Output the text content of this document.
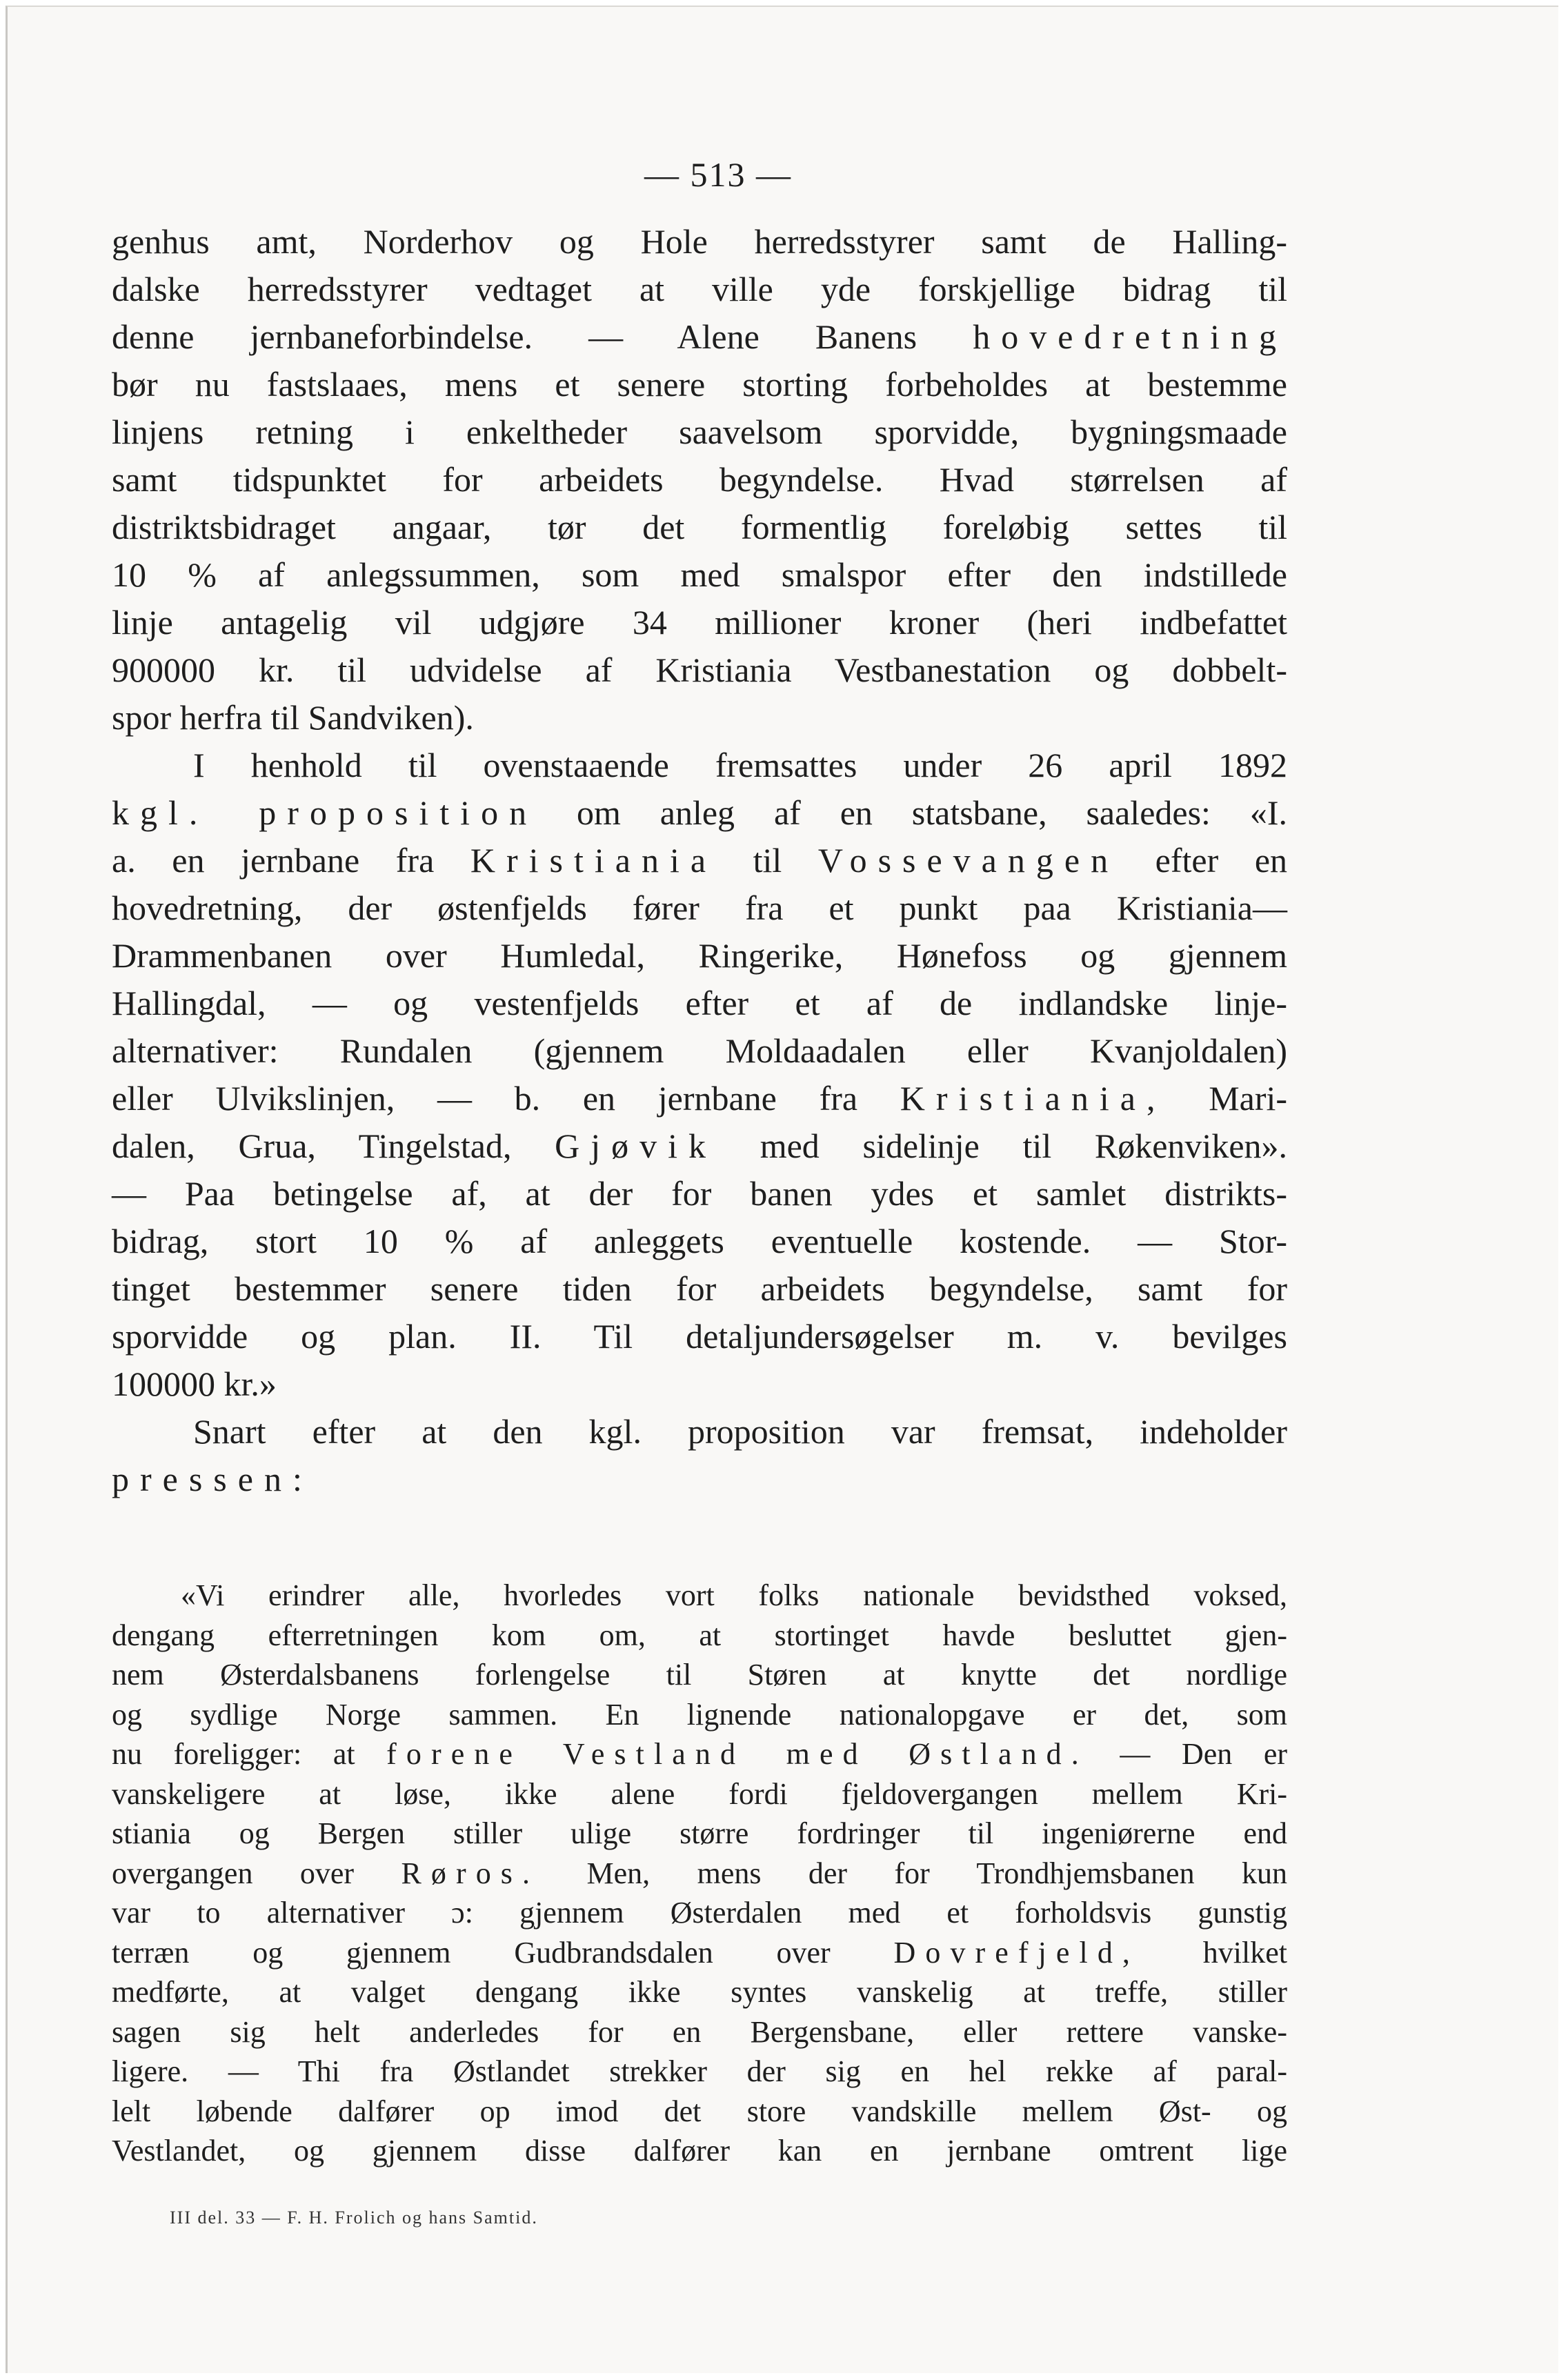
— 513 —

genhus amt, Norderhov og Hole herredsstyrer samt de Halling-
dalske herredsstyrer vedtaget at ville yde forskjellige bidrag til
denne jernbaneforbindelse. — Alene Banens hovedretning
bør nu fastslaaes, mens et senere storting forbeholdes at bestemme
linjens retning i enkeltheder saavelsom sporvidde, bygningsmaade
samt tidspunktet for arbeidets begyndelse. Hvad størrelsen af
distriktsbidraget angaar, tør det formentlig foreløbig settes til
10 % af anlegssummen, som med smalspor efter den indstillede
linje antagelig vil udgjøre 34 millioner kroner (heri indbefattet
900000 kr. til udvidelse af Kristiania Vestbanestation og dobbelt-
spor herfra til Sandviken).

I henhold til ovenstaaende fremsattes under 26 april 1892
kgl. proposition om anleg af en statsbane, saaledes: «I.
a. en jernbane fra Kristiania til Vossevangen efter en
hovedretning, der østenfjelds fører fra et punkt paa Kristiania—
Drammenbanen over Humledal, Ringerike, Hønefoss og gjennem
Hallingdal, — og vestenfjelds efter et af de indlandske linje-
alternativer: Rundalen (gjennem Moldaadalen eller Kvanjoldalen)
eller Ulvikslinjen, — b. en jernbane fra Kristiania, Mari-
dalen, Grua, Tingelstad, Gjøvik med sidelinje til Røkenviken».
— Paa betingelse af, at der for banen ydes et samlet distrikts-
bidrag, stort 10 % af anleggets eventuelle kostende. — Stor-
tinget bestemmer senere tiden for arbeidets begyndelse, samt for
sporvidde og plan. II. Til detaljundersøgelser m. v. bevilges
100000 kr.»

Snart efter at den kgl. proposition var fremsat, indeholder
pressen:

«Vi erindrer alle, hvorledes vort folks nationale bevidsthed voksed,
dengang efterretningen kom om, at stortinget havde besluttet gjen-
nem Østerdalsbanens forlengelse til Støren at knytte det nordlige
og sydlige Norge sammen. En lignende nationalopgave er det, som
nu foreligger: at forene Vestland med Østland. — Den er
vanskeligere at løse, ikke alene fordi fjeldovergangen mellem Kri-
stiania og Bergen stiller ulige større fordringer til ingeniørerne end
overgangen over Røros. Men, mens der for Trondhjemsbanen kun
var to alternativer ɔ: gjennem Østerdalen med et forholdsvis gunstig
terræn og gjennem Gudbrandsdalen over Dovrefjeld, hvilket
medførte, at valget dengang ikke syntes vanskelig at treffe, stiller
sagen sig helt anderledes for en Bergensbane, eller rettere vanske-
ligere. — Thi fra Østlandet strekker der sig en hel rekke af paral-
lelt løbende dalfører op imod det store vandskille mellem Øst- og
Vestlandet, og gjennem disse dalfører kan en jernbane omtrent lige
III del. 33 — F. H. Frolich og hans Samtid.
